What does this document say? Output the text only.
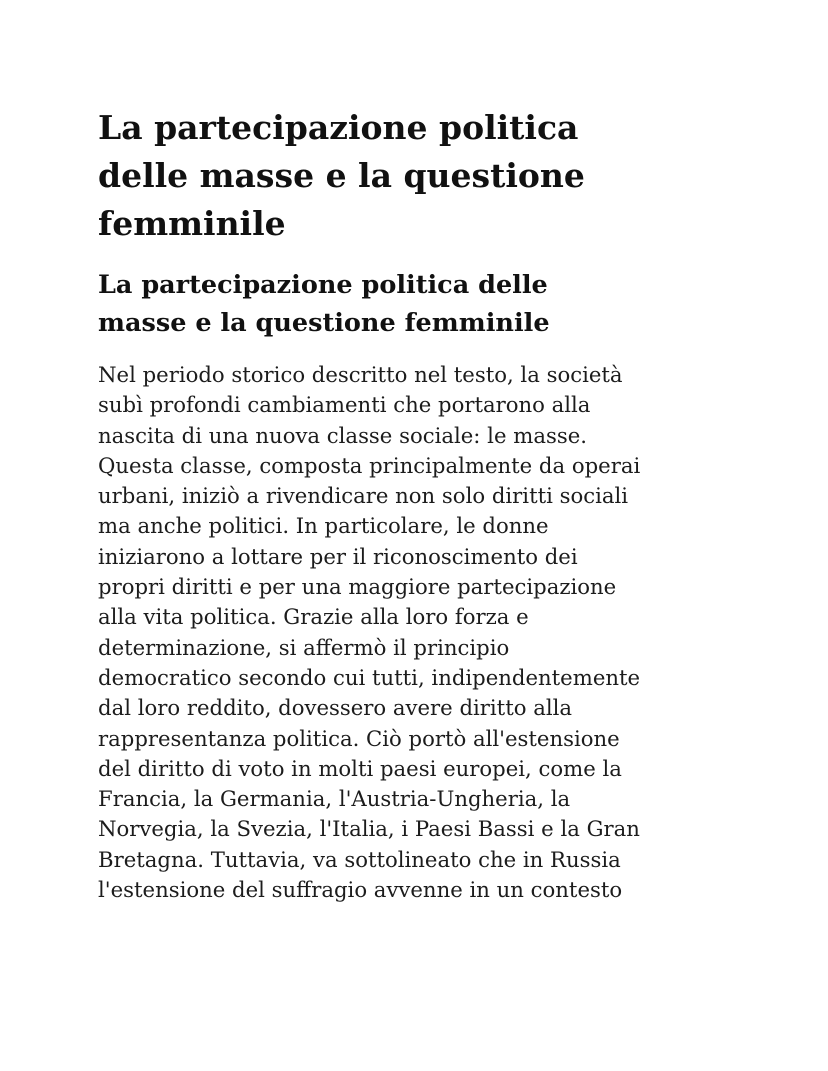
La partecipazione politica
delle masse e la questione
femminile
La partecipazione politica delle
masse e la questione femminile

Nel periodo storico descritto nel testo, la società
subì profondi cambiamenti che portarono alla
nascita di una nuova classe sociale: le masse.
Questa classe, composta principalmente da operai
urbani, iniziò a rivendicare non solo diritti sociali
ma anche politici. In particolare, le donne
iniziarono a lottare per il riconoscimento dei
propri diritti e per una maggiore partecipazione
alla vita politica. Grazie alla loro forza e
determinazione, si affermò il principio
democratico secondo cui tutti, indipendentemente
dal loro reddito, dovessero avere diritto alla
rappresentanza politica. Ciò portò all'estensione
del diritto di voto in molti paesi europei, come la
Francia, la Germania, l'Austria-Ungheria, la
Norvegia, la Svezia, l'Italia, i Paesi Bassi e la Gran
Bretagna. Tuttavia, va sottolineato che in Russia
l'estensione del suffragio avvenne in un contesto
